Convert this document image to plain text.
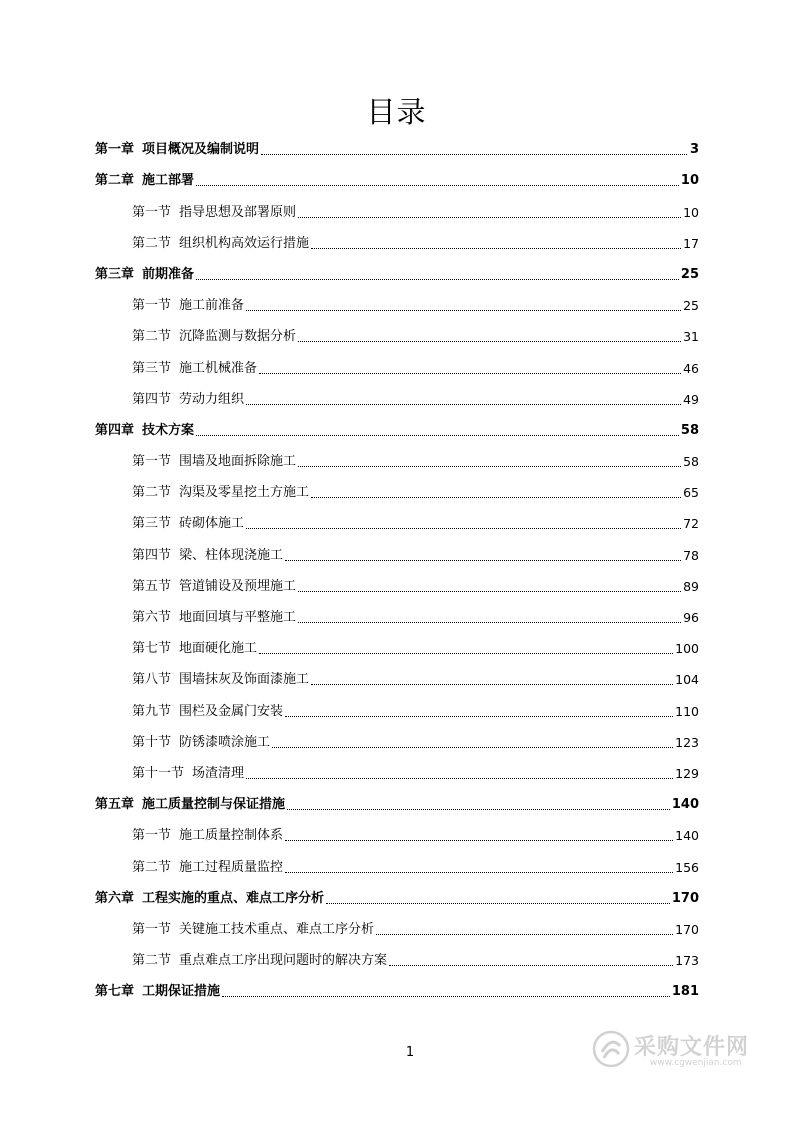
目录
第一章 项目概况及编制说明	3
第二章 施工部署	10
第一节 指导思想及部署原则	10
第二节 组织机构高效运行措施	17
第三章 前期准备	25
第一节 施工前准备	25
第二节 沉降监测与数据分析	31
第三节 施工机械准备	46
第四节 劳动力组织	49
第四章 技术方案	58
第一节 围墙及地面拆除施工	58
第二节 沟渠及零星挖土方施工	65
第三节 砖砌体施工	72
第四节 梁、柱体现浇施工	78
第五节 管道铺设及预埋施工	89
第六节 地面回填与平整施工	96
第七节 地面硬化施工	100
第八节 围墙抹灰及饰面漆施工	104
第九节 围栏及金属门安装	110
第十节 防锈漆喷涂施工	123
第十一节 场渣清理	129
第五章 施工质量控制与保证措施	140
第一节 施工质量控制体系	140
第二节 施工过程质量监控	156
第六章 工程实施的重点、难点工序分析	170
第一节 关键施工技术重点、难点工序分析	170
第二节 重点难点工序出现问题时的解决方案	173
第七章 工期保证措施	181
1	采购文件网
www.cgwenjian.com
